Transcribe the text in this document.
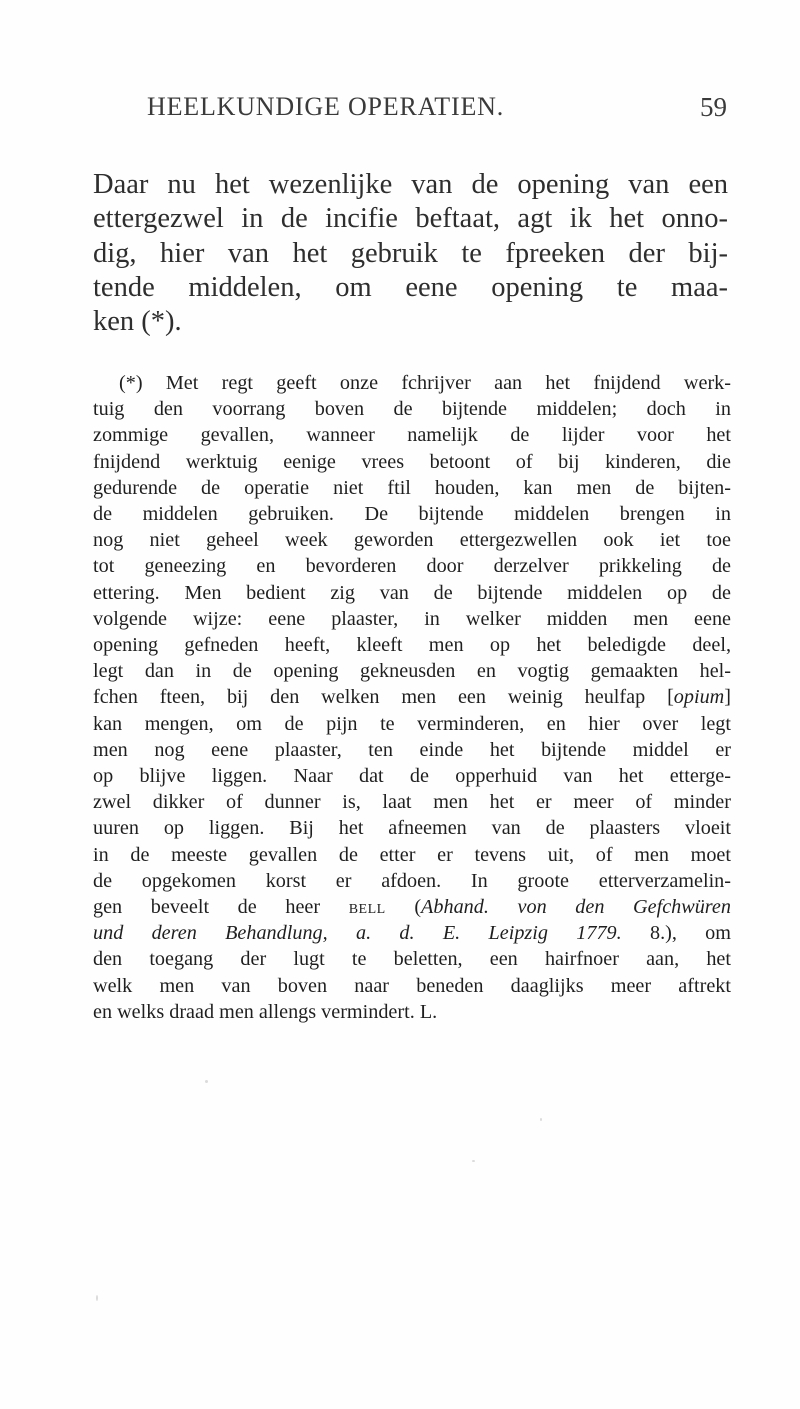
HEELKUNDIGE OPERATIEN.	59
Daar nu het wezenlijke van de opening van een
ettergezwel in de incifie beftaat, agt ik het onno-
dig, hier van het gebruik te fpreeken der bij-
tende middelen, om eene opening te maa-
ken (*).
(*) Met regt geeft onze fchrijver aan het fnijdend werk-
tuig den voorrang boven de bijtende middelen; doch in
zommige gevallen, wanneer namelijk de lijder voor het
fnijdend werktuig eenige vrees betoont of bij kinderen, die
gedurende de operatie niet ftil houden, kan men de bijten-
de middelen gebruiken. De bijtende middelen brengen in
nog niet geheel week geworden ettergezwellen ook iet toe
tot geneezing en bevorderen door derzelver prikkeling de
ettering. Men bedient zig van de bijtende middelen op de
volgende wijze: eene plaaster, in welker midden men eene
opening gefneden heeft, kleeft men op het beledigde deel,
legt dan in de opening gekneusden en vogtig gemaakten hel-
fchen fteen, bij den welken men een weinig heulfap [opium]
kan mengen, om de pijn te verminderen, en hier over legt
men nog eene plaaster, ten einde het bijtende middel er
op blijve liggen. Naar dat de opperhuid van het etterge-
zwel dikker of dunner is, laat men het er meer of minder
uuren op liggen. Bij het afneemen van de plaasters vloeit
in de meeste gevallen de etter er tevens uit, of men moet
de opgekomen korst er afdoen. In groote etterverzamelin-
gen beveelt de heer bell (Abhand. von den Gefchwüren
und deren Behandlung, a. d. E. Leipzig 1779. 8.), om
den toegang der lugt te beletten, een hairfnoer aan, het
welk men van boven naar beneden daaglijks meer aftrekt
en welks draad men allengs vermindert. L.
